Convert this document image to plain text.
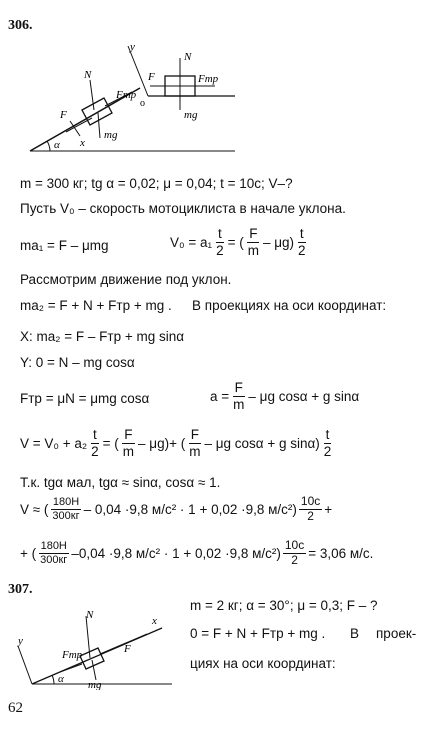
306.
N
F
Fтр
mg
x
α
y
o
F
N
Fтр
mg
m = 300 кг; tg α = 0,02; μ = 0,04; t = 10c; V–?
Пусть V₀ – скорость мотоциклиста в начале уклона.
ma₁ = F – μmg	$V_0 = a_1 \frac{t}{2}$ = ( $\frac{F}{m} - \mu g) \frac{t}{2}$
Рассмотрим движение под уклон.
ma₂ = F + N + Fтр + mg . В проекциях на оси координат:
X: ma₂ = F – Fтр + mg sinα
Y: 0 = N – mg cosα
Fтр = μN = μmg cosα	$a = \frac{F}{m} - \mu g$ cosα + g sinα
$V = V_0 + a_2 \frac{t}{2}$ = ( $\frac{F}{m} - \mu g$) + ( $\frac{F}{m}$ – μg cosα + g $\sin\alpha) \frac{t}{2}$
Т.к. tgα мал, tgα ≈ sinα, cosα ≈ 1.
V ≈ ( $\frac{180H}{300кг} - 0,04 \cdot 9,8$ м/с² · 1 + 0,02 ·9,8 $м/с^2) \frac{10c}{2}$ +
+ ( $\frac{180H}{300кг} -0,04 \cdot 9,8$ м/с² · 1 + 0,02 ·9,8 $м/с^2) \frac{10c}{2} = 3,06$ м/с.
307.
N
Fтр	F
mg
x
y
α
m = 2 кг; α = 30°; μ = 0,3; F – ?
0 = F + N + Fтр + mg . В проек-
циях на оси координат:
62
